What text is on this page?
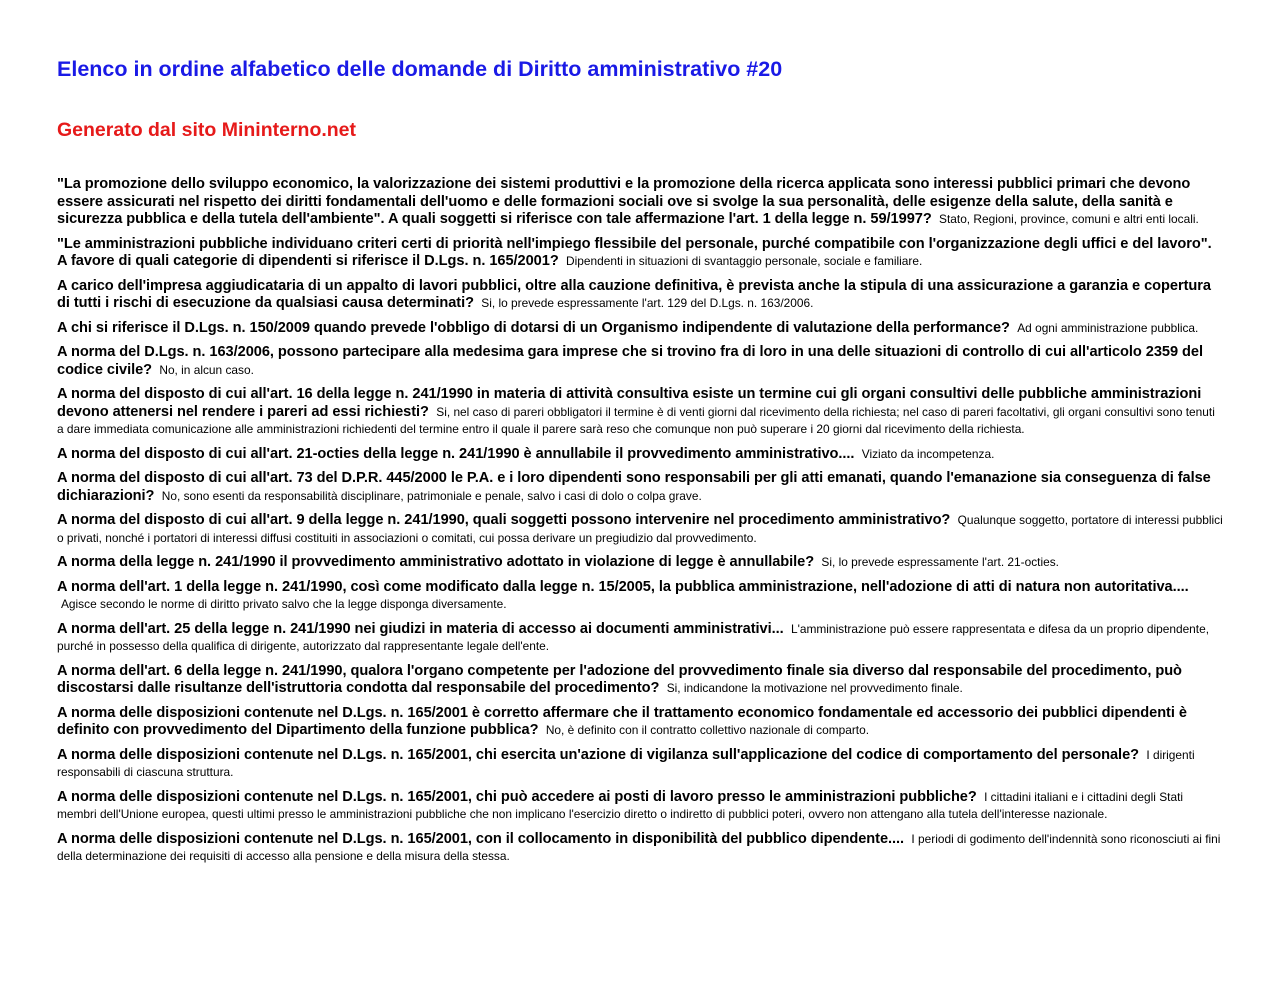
Elenco in ordine alfabetico delle domande di Diritto amministrativo #20
Generato dal sito Mininterno.net

"La promozione dello sviluppo economico, la valorizzazione dei sistemi produttivi e la promozione della ricerca applicata sono interessi pubblici primari che devono essere assicurati nel rispetto dei diritti fondamentali dell'uomo e delle formazioni sociali ove si svolge la sua personalità, delle esigenze della salute, della sanità e sicurezza pubblica e della tutela dell'ambiente". A quali soggetti si riferisce con tale affermazione l'art. 1 della legge n. 59/1997? Stato, Regioni, province, comuni e altri enti locali.

"Le amministrazioni pubbliche individuano criteri certi di priorità nell'impiego flessibile del personale, purché compatibile con l'organizzazione degli uffici e del lavoro". A favore di quali categorie di dipendenti si riferisce il D.Lgs. n. 165/2001? Dipendenti in situazioni di svantaggio personale, sociale e familiare.

A carico dell'impresa aggiudicataria di un appalto di lavori pubblici, oltre alla cauzione definitiva, è prevista anche la stipula di una assicurazione a garanzia e copertura di tutti i rischi di esecuzione da qualsiasi causa determinati? Si, lo prevede espressamente l'art. 129 del D.Lgs. n. 163/2006.

A chi si riferisce il D.Lgs. n. 150/2009 quando prevede l'obbligo di dotarsi di un Organismo indipendente di valutazione della performance? Ad ogni amministrazione pubblica.

A norma del D.Lgs. n. 163/2006, possono partecipare alla medesima gara imprese che si trovino fra di loro in una delle situazioni di controllo di cui all'articolo 2359 del codice civile? No, in alcun caso.

A norma del disposto di cui all'art. 16 della legge n. 241/1990 in materia di attività consultiva esiste un termine cui gli organi consultivi delle pubbliche amministrazioni devono attenersi nel rendere i pareri ad essi richiesti? Si, nel caso di pareri obbligatori il termine è di venti giorni dal ricevimento della richiesta; nel caso di pareri facoltativi, gli organi consultivi sono tenuti a dare immediata comunicazione alle amministrazioni richiedenti del termine entro il quale il parere sarà reso che comunque non può superare i 20 giorni dal ricevimento della richiesta.

A norma del disposto di cui all'art. 21-octies della legge n. 241/1990 è annullabile il provvedimento amministrativo.... Viziato da incompetenza.

A norma del disposto di cui all'art. 73 del D.P.R. 445/2000 le P.A. e i loro dipendenti sono responsabili per gli atti emanati, quando l'emanazione sia conseguenza di false dichiarazioni? No, sono esenti da responsabilità disciplinare, patrimoniale e penale, salvo i casi di dolo o colpa grave.

A norma del disposto di cui all'art. 9 della legge n. 241/1990, quali soggetti possono intervenire nel procedimento amministrativo? Qualunque soggetto, portatore di interessi pubblici o privati, nonché i portatori di interessi diffusi costituiti in associazioni o comitati, cui possa derivare un pregiudizio dal provvedimento.

A norma della legge n. 241/1990 il provvedimento amministrativo adottato in violazione di legge è annullabile? Si, lo prevede espressamente l'art. 21-octies.

A norma dell'art. 1 della legge n. 241/1990, così come modificato dalla legge n. 15/2005, la pubblica amministrazione, nell'adozione di atti di natura non autoritativa.... Agisce secondo le norme di diritto privato salvo che la legge disponga diversamente.

A norma dell'art. 25 della legge n. 241/1990 nei giudizi in materia di accesso ai documenti amministrativi... L'amministrazione può essere rappresentata e difesa da un proprio dipendente, purché in possesso della qualifica di dirigente, autorizzato dal rappresentante legale dell'ente.

A norma dell'art. 6 della legge n. 241/1990, qualora l'organo competente per l'adozione del provvedimento finale sia diverso dal responsabile del procedimento, può discostarsi dalle risultanze dell'istruttoria condotta dal responsabile del procedimento? Si, indicandone la motivazione nel provvedimento finale.

A norma delle disposizioni contenute nel D.Lgs. n. 165/2001 è corretto affermare che il trattamento economico fondamentale ed accessorio dei pubblici dipendenti è definito con provvedimento del Dipartimento della funzione pubblica? No, è definito con il contratto collettivo nazionale di comparto.

A norma delle disposizioni contenute nel D.Lgs. n. 165/2001, chi esercita un'azione di vigilanza sull'applicazione del codice di comportamento del personale? I dirigenti responsabili di ciascuna struttura.

A norma delle disposizioni contenute nel D.Lgs. n. 165/2001, chi può accedere ai posti di lavoro presso le amministrazioni pubbliche? I cittadini italiani e i cittadini degli Stati membri dell'Unione europea, questi ultimi presso le amministrazioni pubbliche che non implicano l'esercizio diretto o indiretto di pubblici poteri, ovvero non attengano alla tutela dell'interesse nazionale.

A norma delle disposizioni contenute nel D.Lgs. n. 165/2001, con il collocamento in disponibilità del pubblico dipendente.... I periodi di godimento dell'indennità sono riconosciuti ai fini della determinazione dei requisiti di accesso alla pensione e della misura della stessa.
